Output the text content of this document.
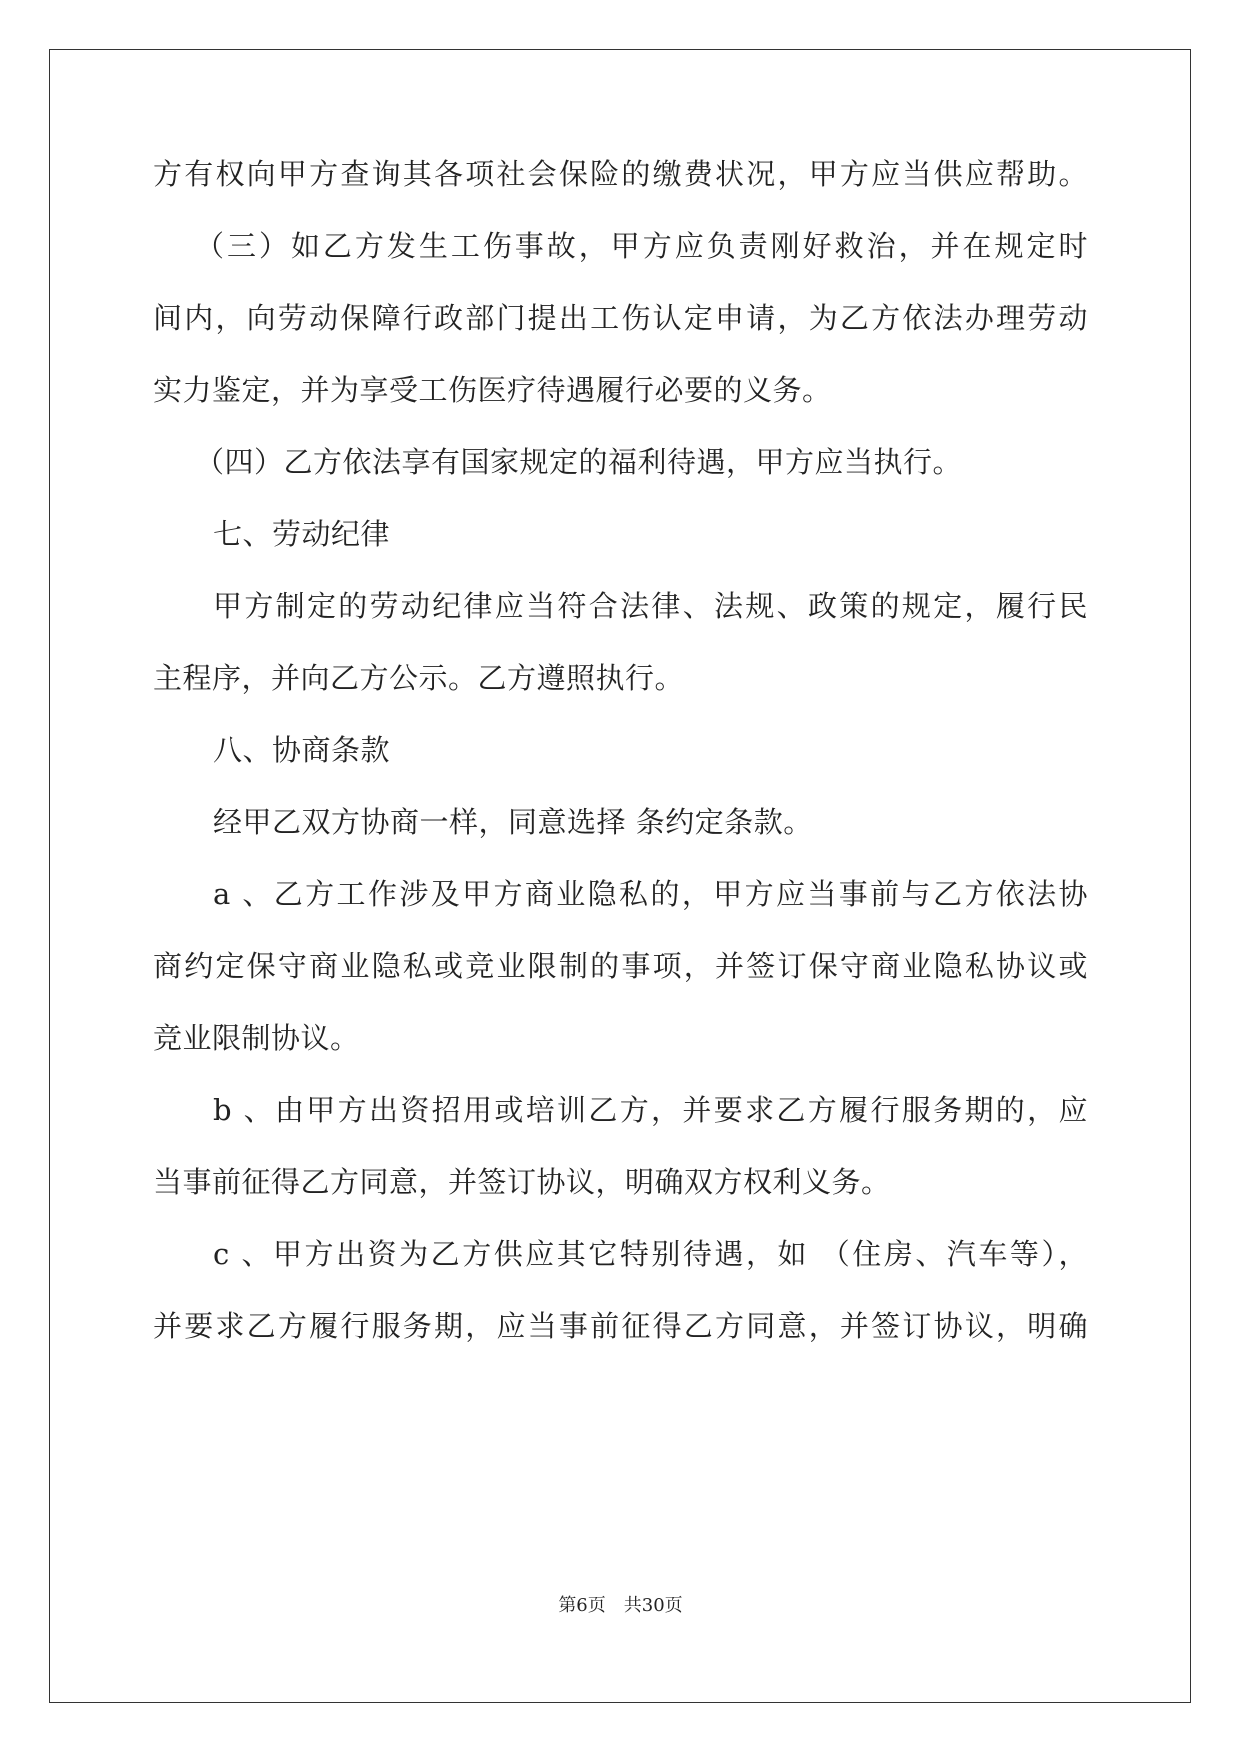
方有权向甲方查询其各项社会保险的缴费状况，甲方应当供应帮助。
（三）如乙方发生工伤事故，甲方应负责刚好救治，并在规定时
间内，向劳动保障行政部门提出工伤认定申请，为乙方依法办理劳动
实力鉴定，并为享受工伤医疗待遇履行必要的义务。
（四）乙方依法享有国家规定的福利待遇，甲方应当执行。
七、劳动纪律
甲方制定的劳动纪律应当符合法律、法规、政策的规定，履行民
主程序，并向乙方公示。乙方遵照执行。
八、协商条款
经甲乙双方协商一样，同意选择 条约定条款。
a 、乙方工作涉及甲方商业隐私的，甲方应当事前与乙方依法协
商约定保守商业隐私或竞业限制的事项，并签订保守商业隐私协议或
竞业限制协议。
b 、由甲方出资招用或培训乙方，并要求乙方履行服务期的，应
当事前征得乙方同意，并签订协议，明确双方权利义务。
c 、甲方出资为乙方供应其它特别待遇，如 （住房、汽车等），
并要求乙方履行服务期，应当事前征得乙方同意，并签订协议，明确
第6页 共30页
